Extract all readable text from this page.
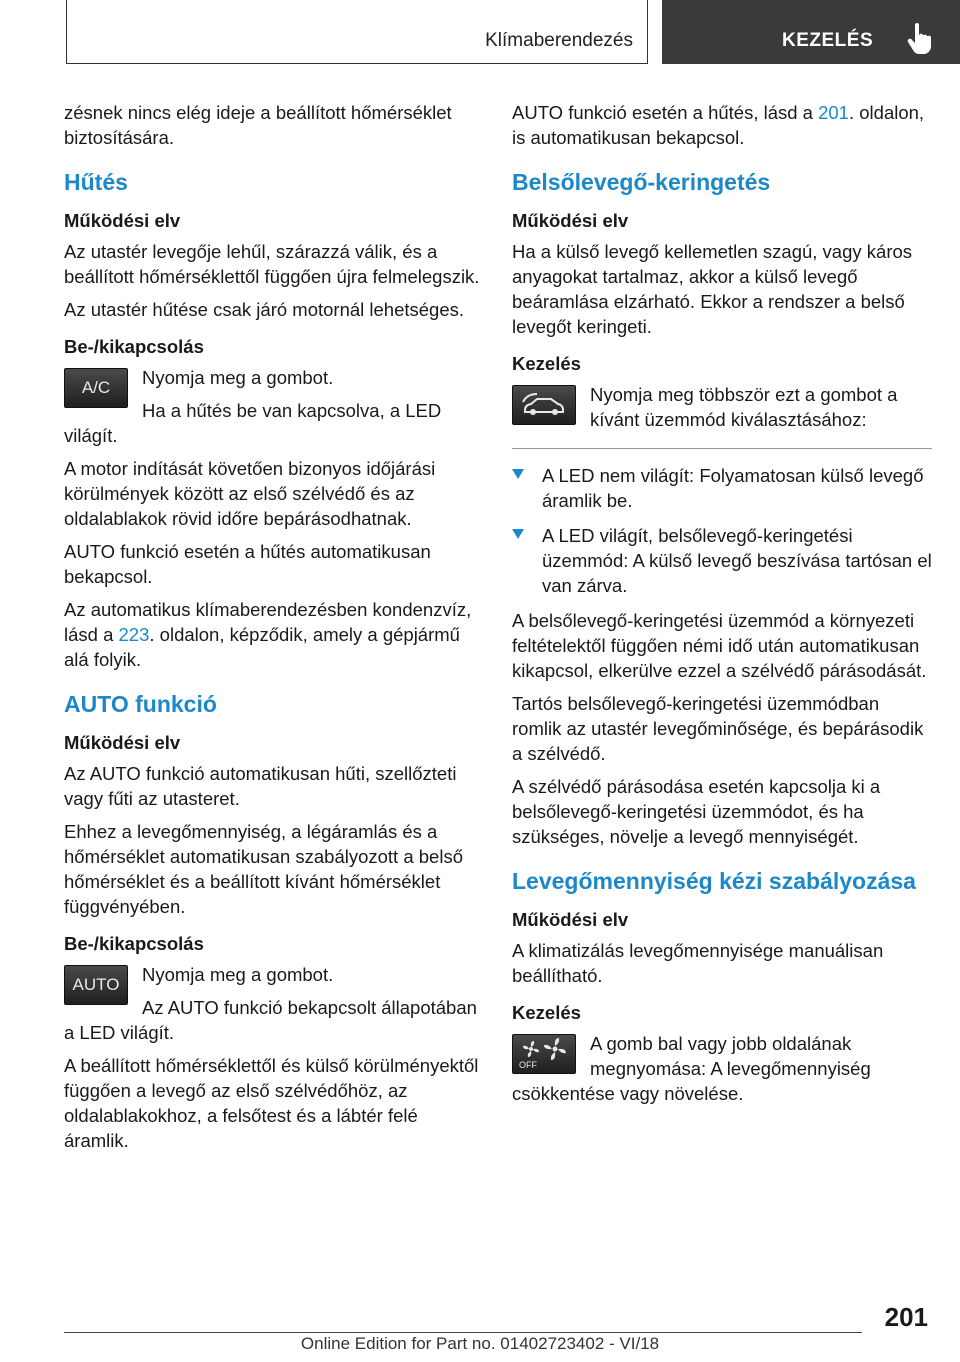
Klímaberendezés	KEZELÉS

zésnek nincs elég ideje a beállított hőmérséklet biztosítására.

Hűtés
Működési elv

Az utastér levegője lehűl, szárazzá válik, és a beállított hőmérséklettől függően újra felmelegszik.

Az utastér hűtése csak járó motornál lehetséges.

Be-/kikapcsolás
A/C	Nyomja meg a gombot.

Ha a hűtés be van kapcsolva, a LED világít.

A motor indítását követően bizonyos időjárási körülmények között az első szélvédő és az oldalablakok rövid időre bepárásodhatnak.

AUTO funkció esetén a hűtés automatikusan bekapcsol.

Az automatikus klímaberendezésben kondenzvíz, lásd a 223. oldalon, képződik, amely a gépjármű alá folyik.

AUTO funkció
Működési elv

Az AUTO funkció automatikusan hűti, szellőzteti vagy fűti az utasteret.

Ehhez a levegőmennyiség, a légáramlás és a hőmérséklet automatikusan szabályozott a belső hőmérséklet és a beállított kívánt hőmérséklet függvényében.

Be-/kikapcsolás
AUTO	Nyomja meg a gombot.

Az AUTO funkció bekapcsolt állapotában a LED világít.

A beállított hőmérséklettől és külső körülményektől függően a levegő az első szélvédőhöz, az oldalablakokhoz, a felsőtest és a lábtér felé áramlik.

AUTO funkció esetén a hűtés, lásd a 201. oldalon, is automatikusan bekapcsol.

Belsőlevegő-keringetés
Működési elv

Ha a külső levegő kellemetlen szagú, vagy káros anyagokat tartalmaz, akkor a külső levegő beáramlása elzárható. Ekkor a rendszer a belső levegőt keringeti.

Kezelés

Nyomja meg többször ezt a gombot a kívánt üzemmód kiválasztásához:

A LED nem világít: Folyamatosan külső levegő áramlik be.
A LED világít, belsőlevegő-keringetési üzemmód: A külső levegő beszívása tartósan el van zárva.

A belsőlevegő-keringetési üzemmód a környezeti feltételektől függően némi idő után automatikusan kikapcsol, elkerülve ezzel a szélvédő párásodását.

Tartós belsőlevegő-keringetési üzemmódban romlik az utastér levegőminősége, és bepárásodik a szélvédő.

A szélvédő párásodása esetén kapcsolja ki a belsőlevegő-keringetési üzemmódot, és ha szükséges, növelje a levegő mennyiségét.

Levegőmennyiség kézi szabályozása
Működési elv

A klimatizálás levegőmennyisége manuálisan beállítható.

Kezelés
OFF

A gomb bal vagy jobb oldalának megnyomása: A levegőmennyiség csökkentése vagy növelése.

201
Online Edition for Part no. 01402723402 - VI/18
